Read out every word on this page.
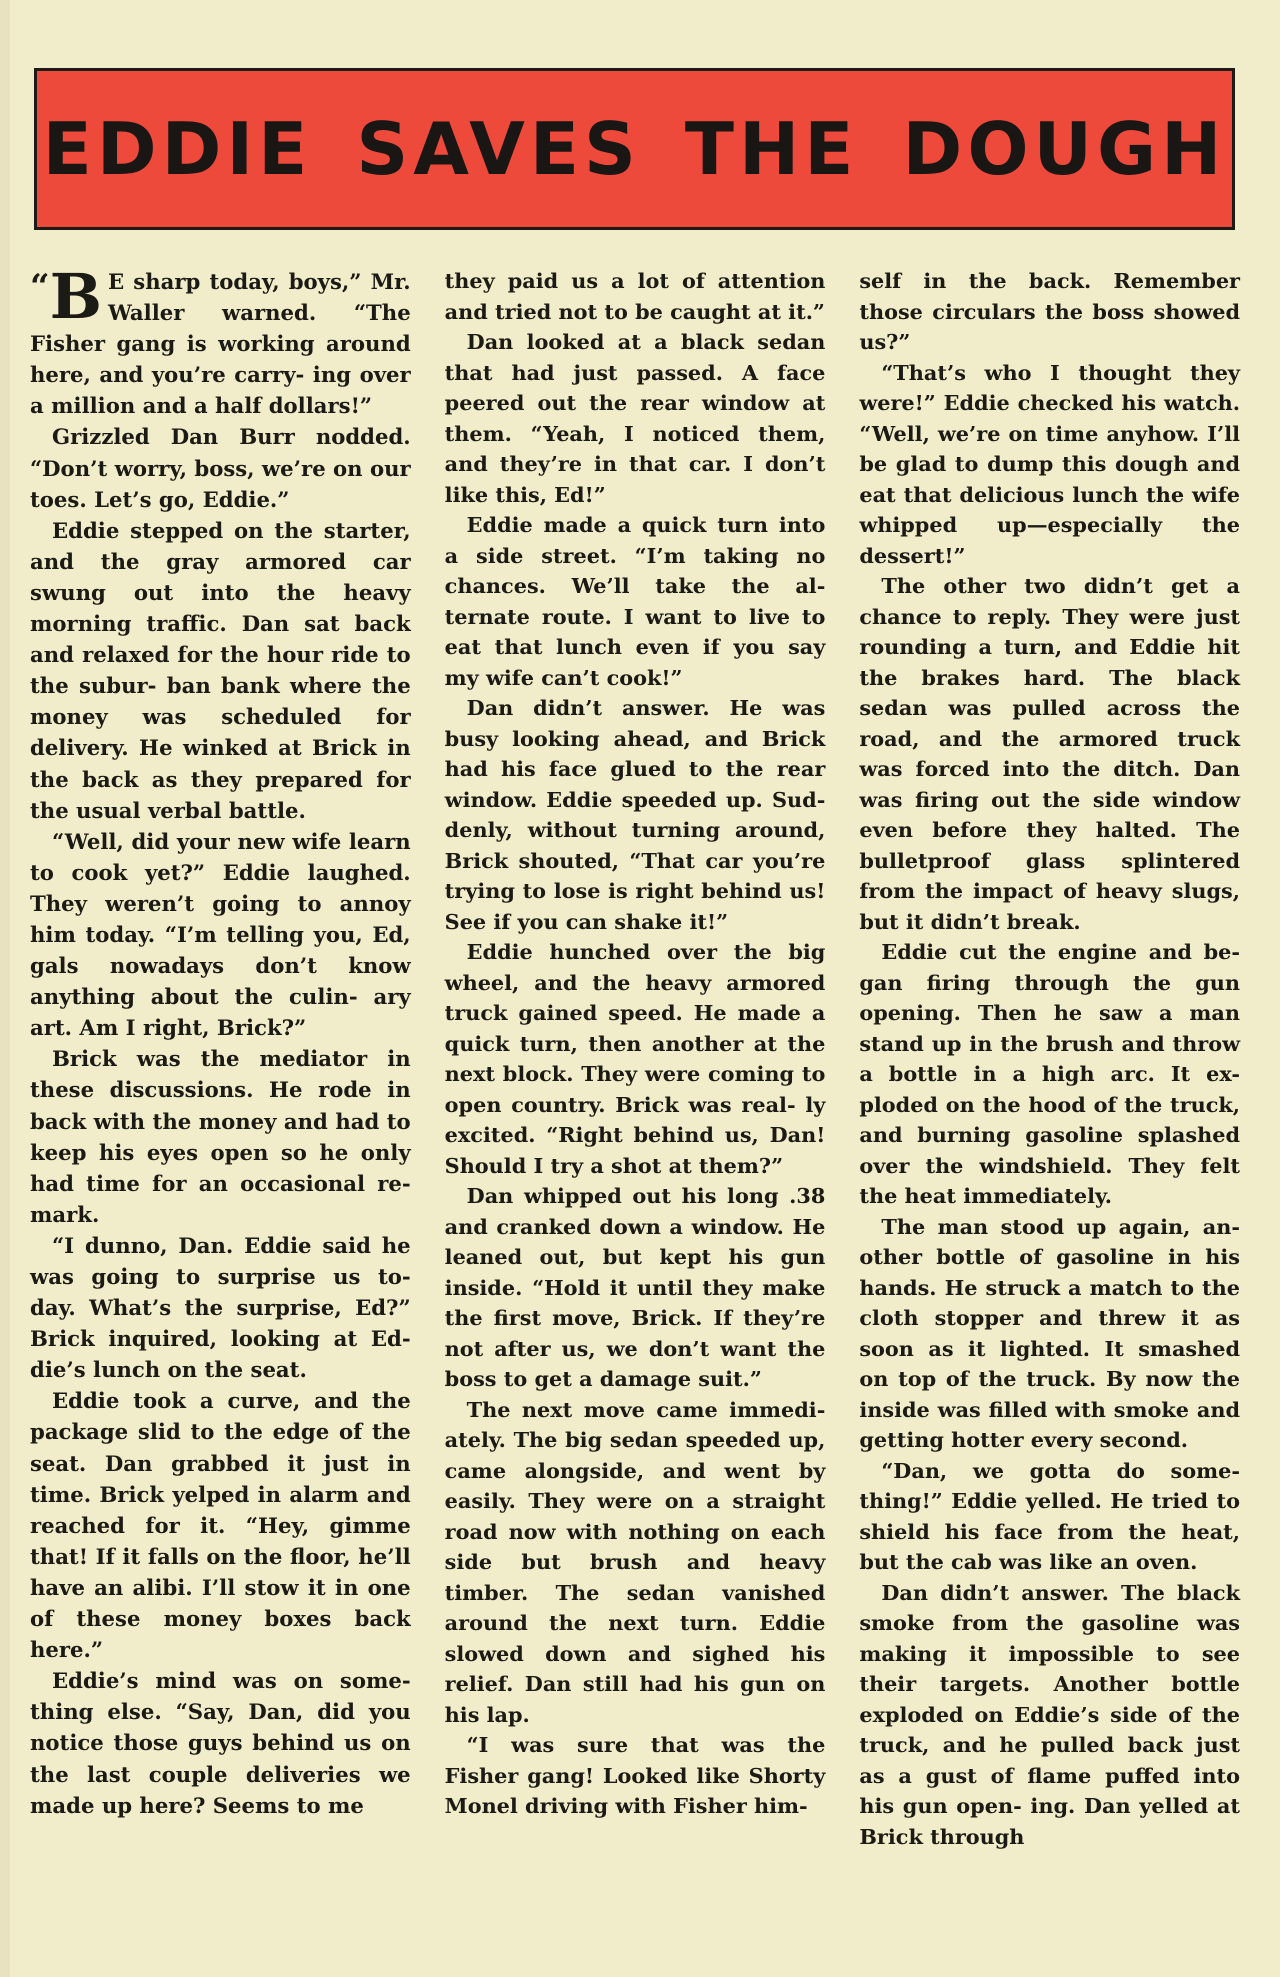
EDDIE SAVES THE DOUGH

“B E sharp today, boys,” Mr. Waller warned. “The Fisher gang is working around here, and you’re carry- ing over a million and a half dollars!”

Grizzled Dan Burr nodded. “Don’t worry, boss, we’re on our toes. Let’s go, Eddie.”

Eddie stepped on the starter, and the gray armored car swung out into the heavy morning traffic. Dan sat back and relaxed for the hour ride to the subur- ban bank where the money was scheduled for delivery. He winked at Brick in the back as they prepared for the usual verbal battle.

“Well, did your new wife learn to cook yet?” Eddie laughed. They weren’t going to annoy him today. “I’m telling you, Ed, gals nowadays don’t know anything about the culin- ary art. Am I right, Brick?”

Brick was the mediator in these discussions. He rode in back with the money and had to keep his eyes open so he only had time for an occasional re- mark.

“I dunno, Dan. Eddie said he was going to surprise us to- day. What’s the surprise, Ed?” Brick inquired, looking at Ed- die’s lunch on the seat.

Eddie took a curve, and the package slid to the edge of the seat. Dan grabbed it just in time. Brick yelped in alarm and reached for it. “Hey, gimme that! If it falls on the floor, he’ll have an alibi. I’ll stow it in one of these money boxes back here.”

Eddie’s mind was on some- thing else. “Say, Dan, did you notice those guys behind us on the last couple deliveries we made up here? Seems to me

they paid us a lot of attention and tried not to be caught at it.”

Dan looked at a black sedan that had just passed. A face peered out the rear window at them. “Yeah, I noticed them, and they’re in that car. I don’t like this, Ed!”

Eddie made a quick turn into a side street. “I’m taking no chances. We’ll take the al- ternate route. I want to live to eat that lunch even if you say my wife can’t cook!”

Dan didn’t answer. He was busy looking ahead, and Brick had his face glued to the rear window. Eddie speeded up. Sud- denly, without turning around, Brick shouted, “That car you’re trying to lose is right behind us! See if you can shake it!”

Eddie hunched over the big wheel, and the heavy armored truck gained speed. He made a quick turn, then another at the next block. They were coming to open country. Brick was real- ly excited. “Right behind us, Dan! Should I try a shot at them?”

Dan whipped out his long .38 and cranked down a window. He leaned out, but kept his gun inside. “Hold it until they make the first move, Brick. If they’re not after us, we don’t want the boss to get a damage suit.”

The next move came immedi- ately. The big sedan speeded up, came alongside, and went by easily. They were on a straight road now with nothing on each side but brush and heavy timber. The sedan vanished around the next turn. Eddie slowed down and sighed his relief. Dan still had his gun on his lap.

“I was sure that was the Fisher gang! Looked like Shorty Monel driving with Fisher him-

self in the back. Remember those circulars the boss showed us?”

“That’s who I thought they were!” Eddie checked his watch. “Well, we’re on time anyhow. I’ll be glad to dump this dough and eat that delicious lunch the wife whipped up—especially the dessert!”

The other two didn’t get a chance to reply. They were just rounding a turn, and Eddie hit the brakes hard. The black sedan was pulled across the road, and the armored truck was forced into the ditch. Dan was firing out the side window even before they halted. The bulletproof glass splintered from the impact of heavy slugs, but it didn’t break.

Eddie cut the engine and be- gan firing through the gun opening. Then he saw a man stand up in the brush and throw a bottle in a high arc. It ex- ploded on the hood of the truck, and burning gasoline splashed over the windshield. They felt the heat immediately.

The man stood up again, an- other bottle of gasoline in his hands. He struck a match to the cloth stopper and threw it as soon as it lighted. It smashed on top of the truck. By now the inside was filled with smoke and getting hotter every second.

“Dan, we gotta do some- thing!” Eddie yelled. He tried to shield his face from the heat, but the cab was like an oven.

Dan didn’t answer. The black smoke from the gasoline was making it impossible to see their targets. Another bottle exploded on Eddie’s side of the truck, and he pulled back just as a gust of flame puffed into his gun open- ing. Dan yelled at Brick through
